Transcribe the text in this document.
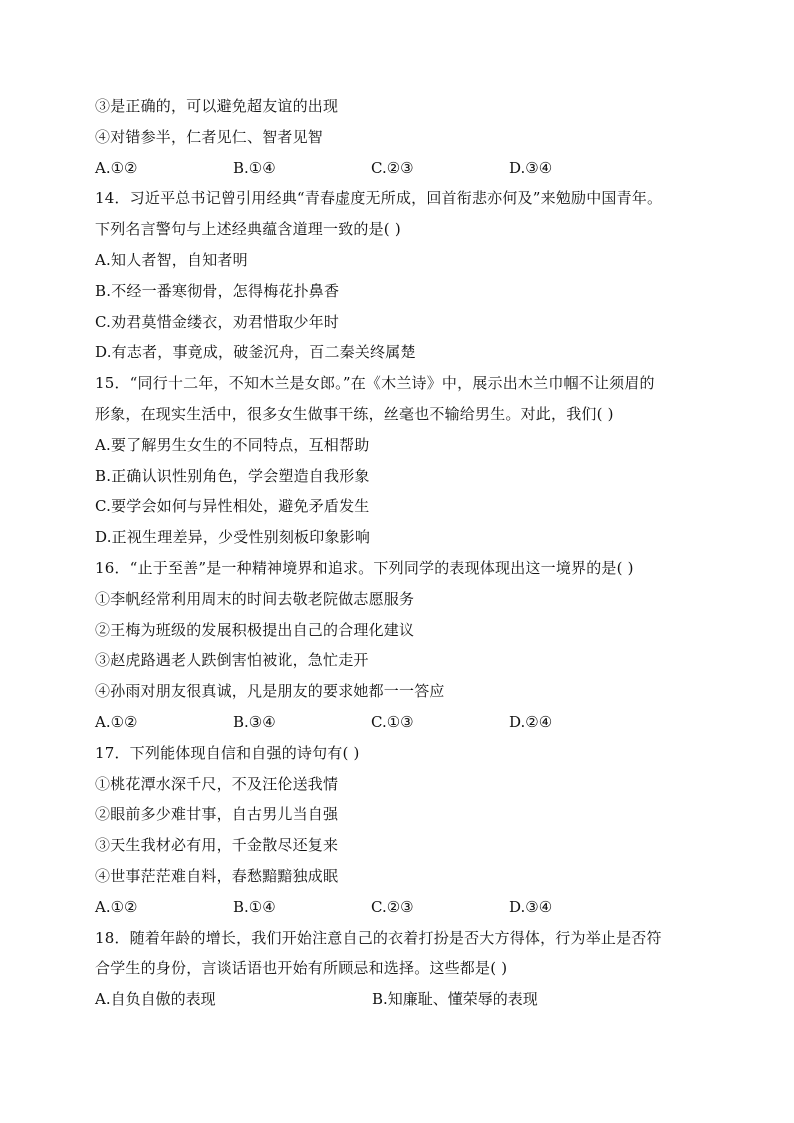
③是正确的，可以避免超友谊的出现
④对错参半，仁者见仁、智者见智
A.①②	B.①④	C.②③	D.③④
14．习近平总书记曾引用经典“青春虚度无所成，回首衔悲亦何及”来勉励中国青年。
下列名言警句与上述经典蕴含道理一致的是( )
A.知人者智，自知者明
B.不经一番寒彻骨，怎得梅花扑鼻香
C.劝君莫惜金缕衣，劝君惜取少年时
D.有志者，事竟成，破釜沉舟，百二秦关终属楚
15．“同行十二年，不知木兰是女郎。”在《木兰诗》中，展示出木兰巾帼不让须眉的
形象，在现实生活中，很多女生做事干练，丝毫也不输给男生。对此，我们( )
A.要了解男生女生的不同特点，互相帮助
B.正确认识性别角色，学会塑造自我形象
C.要学会如何与异性相处，避免矛盾发生
D.正视生理差异，少受性别刻板印象影响
16．“止于至善”是一种精神境界和追求。下列同学的表现体现出这一境界的是( )
①李帆经常利用周末的时间去敬老院做志愿服务
②王梅为班级的发展积极提出自己的合理化建议
③赵虎路遇老人跌倒害怕被讹，急忙走开
④孙雨对朋友很真诚，凡是朋友的要求她都一一答应
A.①②	B.③④	C.①③	D.②④
17．下列能体现自信和自强的诗句有( )
①桃花潭水深千尺，不及汪伦送我情
②眼前多少难甘事，自古男儿当自强
③天生我材必有用，千金散尽还复来
④世事茫茫难自料，春愁黯黯独成眠
A.①②	B.①④	C.②③	D.③④
18．随着年龄的增长，我们开始注意自己的衣着打扮是否大方得体，行为举止是否符
合学生的身份，言谈话语也开始有所顾忌和选择。这些都是( )
A.自负自傲的表现	B.知廉耻、懂荣辱的表现
